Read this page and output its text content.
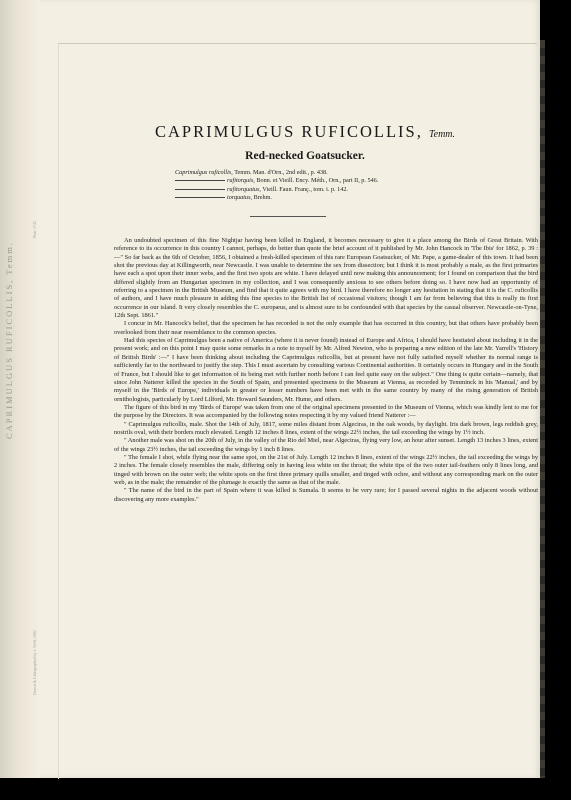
CAPRIMULGUS RUFICOLLIS, Temm.
Plate 1741
Drawn & Lithographed by J. Wolf, 1862
CAPRIMULGUS RUFICOLLIS, Temm.
Red-necked Goatsucker.
Caprimulgus ruficollis, Temm. Man. d'Orn., 2nd edit., p. 438.
rufitorquis, Bonn. et Vieill. Ency. Méth., Orn., part II, p. 546.
rufitorquatus, Vieill. Faun. Franç., tom. i. p. 142.
torquatus, Brehm.

An undoubted specimen of this fine Nightjar having been killed in England, it becomes necessary to give it a place among the Birds of Great Britain. With reference to its occurrence in this country I cannot, perhaps, do better than quote the brief account of it published by Mr. John Hancock in 'The Ibis' for 1862, p. 39 :—" So far back as the 6th of October, 1856, I obtained a fresh-killed specimen of this rare European Goatsucker, of Mr. Pape, a game-dealer of this town. It had been shot the previous day at Killingworth, near Newcastle. I was unable to determine the sex from dissection; but I think it is most probably a male, as the first primaries have each a spot upon their inner webs, and the first two spots are white. I have delayed until now making this announcement; for I found on comparison that the bird differed slightly from an Hungarian specimen in my collection, and I was consequently anxious to see others before doing so. I have now had an opportunity of referring to a specimen in the British Museum, and find that it quite agrees with my bird. I have therefore no longer any hesitation in stating that it is the C. ruficollis of authors, and I have much pleasure in adding this fine species to the British list of occasional visitors; though I am far from believing that this is really its first occurrence in our island. It very closely resembles the C. europæus, and is almost sure to be confounded with that species by the casual observer. Newcastle-on-Tyne, 12th Sept. 1861."

I concur in Mr. Hancock's belief, that the specimen he has recorded is not the only example that has occurred in this country, but that others have probably been overlooked from their near resemblance to the common species.

Had this species of Caprimulgus been a native of America (where it is never found) instead of Europe and Africa, I should have hesitated about including it in the present work; and on this point I may quote some remarks in a note to myself by Mr. Alfred Newton, who is preparing a new edition of the late Mr. Yarrell's 'History of British Birds' :—" I have been thinking about including the Caprimulgus ruficollis, but at present have not fully satisfied myself whether its normal range is sufficiently far to the northward to justify the step. This I must ascertain by consulting various Continental authorities. It certainly occurs in Hungary and in the South of France, but I should like to get information of its being met with further north before I can feel quite easy on the subject." One thing is quite certain—namely, that since John Natterer killed the species in the South of Spain, and presented specimens to the Museum at Vienna, as recorded by Temminck in his 'Manual,' and by myself in the 'Birds of Europe,' individuals in greater or lesser numbers have been met with in the same country by many of the rising generation of British ornithologists, particularly by Lord Lilford, Mr. Howard Saunders, Mr. Hume, and others.

The figure of this bird in my 'Birds of Europe' was taken from one of the original specimens presented to the Museum of Vienna, which was kindly lent to me for the purpose by the Directors. It was accompanied by the following notes respecting it by my valued friend Natterer :—

" Caprimulgus ruficollis, male. Shot the 14th of July, 1817, some miles distant from Algeciras, in the oak woods, by daylight. Iris dark brown, legs reddish grey, nostrils oval, with their borders much elevated. Length 12 inches 8 lines, extent of the wings 22½ inches, the tail exceeding the wings by 1½ inch.

" Another male was shot on the 20th of July, in the valley of the Rio del Miel, near Algeciras, flying very low, an hour after sunset. Length 13 inches 3 lines, extent of the wings 23½ inches, the tail exceeding the wings by 1 inch 8 lines.

" The female I shot, while flying near the same spot, on the 21st of July. Length 12 inches 8 lines, extent of the wings 22½ inches, the tail exceeding the wings by 2 inches. The female closely resembles the male, differing only in having less white on the throat; the white tips of the two outer tail-feathers only 8 lines long, and tinged with brown on the outer web; the white spots on the first three primary quills smaller, and tinged with ochre, and without any corresponding mark on the outer web, as in the male; the remainder of the plumage is exactly the same as that of the male.

" The name of the bird in the part of Spain where it was killed is Sumala. It seems to be very rare; for I passed several nights in the adjacent woods without discovering any more examples."
